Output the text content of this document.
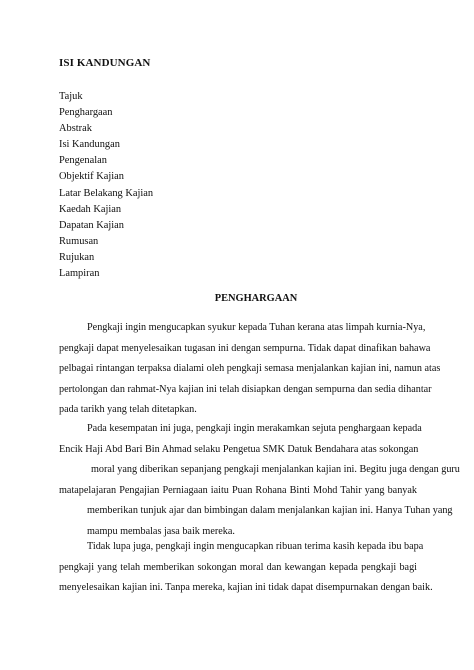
ISI KANDUNGAN
Tajuk
Penghargaan
Abstrak
Isi Kandungan
Pengenalan
Objektif Kajian
Latar Belakang Kajian
Kaedah Kajian
Dapatan Kajian
Rumusan
Rujukan
Lampiran
PENGHARGAAN
Pengkaji ingin mengucapkan syukur kepada Tuhan kerana atas limpah kurnia-Nya,
pengkaji dapat menyelesaikan tugasan ini dengan sempurna. Tidak dapat dinafikan bahawa
pelbagai rintangan terpaksa dialami oleh pengkaji semasa menjalankan kajian ini, namun atas
pertolongan dan rahmat-Nya kajian ini telah disiapkan dengan sempurna dan sedia dihantar
pada tarikh yang telah ditetapkan.
Pada kesempatan ini juga, pengkaji ingin merakamkan sejuta penghargaan kepada
Encik Haji Abd Bari Bin Ahmad selaku Pengetua SMK Datuk Bendahara atas sokongan
moral yang diberikan sepanjang pengkaji menjalankan kajian ini. Begitu juga dengan guru
matapelajaran Pengajian Perniagaan iaitu Puan Rohana Binti Mohd Tahir yang banyak
memberikan tunjuk ajar dan bimbingan dalam menjalankan kajian ini. Hanya Tuhan yang
mampu membalas jasa baik mereka.
Tidak lupa juga, pengkaji ingin mengucapkan ribuan terima kasih kepada ibu bapa
pengkaji yang telah memberikan sokongan moral dan kewangan kepada pengkaji bagi
menyelesaikan kajian ini. Tanpa mereka, kajian ini tidak dapat disempurnakan dengan baik.
